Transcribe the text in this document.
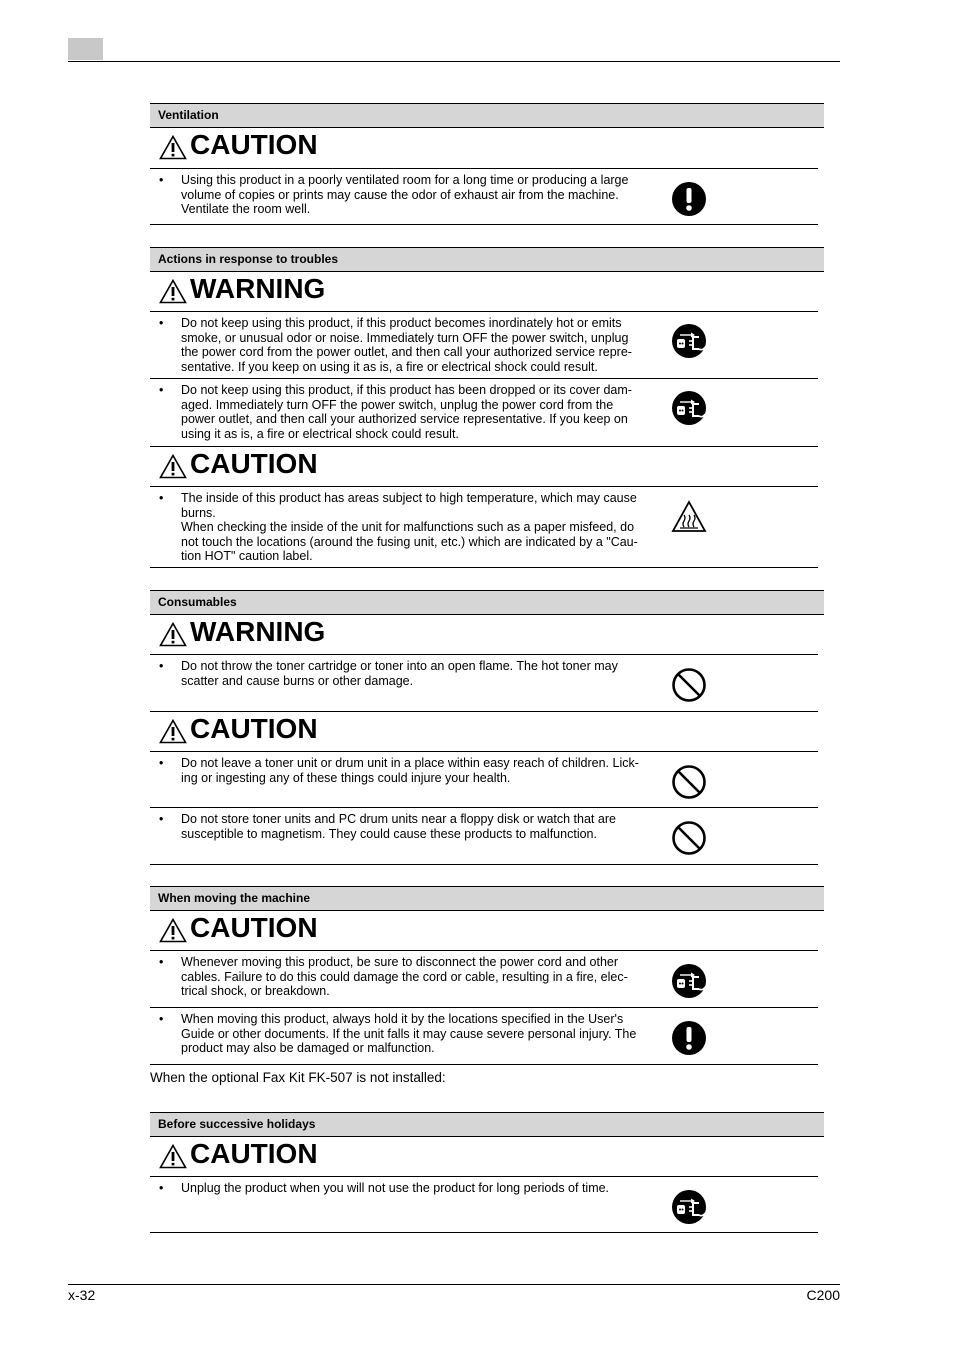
Ventilation
CAUTION
• Using this product in a poorly ventilated room for a long time or producing a large volume of copies or prints may cause the odor of exhaust air from the machine. Ventilate the room well.
Actions in response to troubles
WARNING
• Do not keep using this product, if this product becomes inordinately hot or emits smoke, or unusual odor or noise. Immediately turn OFF the power switch, unplug the power cord from the power outlet, and then call your authorized service repre-sentative. If you keep on using it as is, a fire or electrical shock could result.
• Do not keep using this product, if this product has been dropped or its cover dam-aged. Immediately turn OFF the power switch, unplug the power cord from the power outlet, and then call your authorized service representative. If you keep on using it as is, a fire or electrical shock could result.
CAUTION
• The inside of this product has areas subject to high temperature, which may cause burns.
When checking the inside of the unit for malfunctions such as a paper misfeed, do not touch the locations (around the fusing unit, etc.) which are indicated by a "Cau-tion HOT" caution label.
Consumables
WARNING
• Do not throw the toner cartridge or toner into an open flame. The hot toner may scatter and cause burns or other damage.
CAUTION
• Do not leave a toner unit or drum unit in a place within easy reach of children. Lick-ing or ingesting any of these things could injure your health.
• Do not store toner units and PC drum units near a floppy disk or watch that are susceptible to magnetism. They could cause these products to malfunction.
When moving the machine
CAUTION
• Whenever moving this product, be sure to disconnect the power cord and other cables. Failure to do this could damage the cord or cable, resulting in a fire, elec-trical shock, or breakdown.
• When moving this product, always hold it by the locations specified in the User's Guide or other documents. If the unit falls it may cause severe personal injury. The product may also be damaged or malfunction.
When the optional Fax Kit FK-507 is not installed:
Before successive holidays
CAUTION
• Unplug the product when you will not use the product for long periods of time.
x-32	C200
